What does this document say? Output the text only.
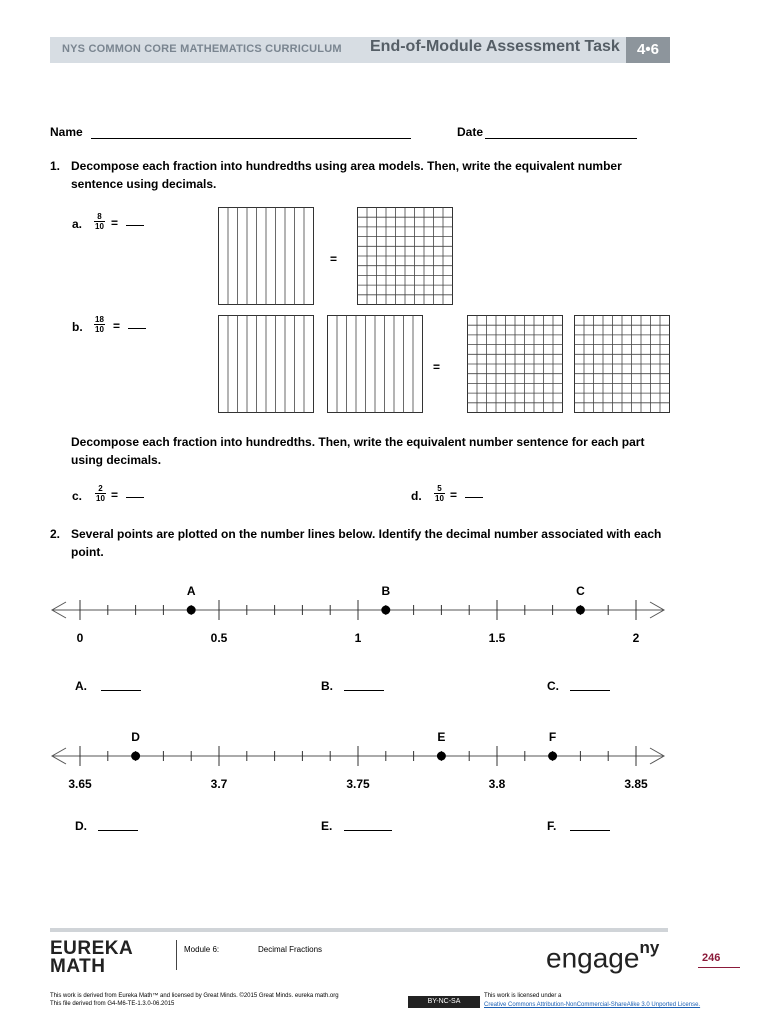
NYS COMMON CORE MATHEMATICS CURRICULUM End-of-Module Assessment Task	4•6
Name	Date
1. Decompose each fraction into hundredths using area models. Then, write the equivalent number
sentence using decimals.
a. $\frac{8}{10}$ =
=
b. $\frac{18}{10}$ =
=
Decompose each fraction into hundredths. Then, write the equivalent number sentence for each part
using decimals.
c. $\frac{2}{10}$ =	d. $\frac{5}{10}$ =
2. Several points are plotted on the number lines below. Identify the decimal number associated with each
point.
0	0.5	1	1.5	2
A	B	C
A.	B.	C.
3.65	3.7	3.75	3.8	3.85
D	E	F
D.	E.	F.
EUREKA
MATH
Module 6:	Decimal Fractions	engage$^{ny}$
246
This work is derived from Eureka Math™ and licensed by Great Minds. ©2015 Great Minds. eureka math.org
This file derived from G4-M6-TE-1.3.0-06.2015	BY-NC-SA
This work is licensed under a
Creative Commons Attribution-NonCommercial-ShareAlike 3.0 Unported License.
